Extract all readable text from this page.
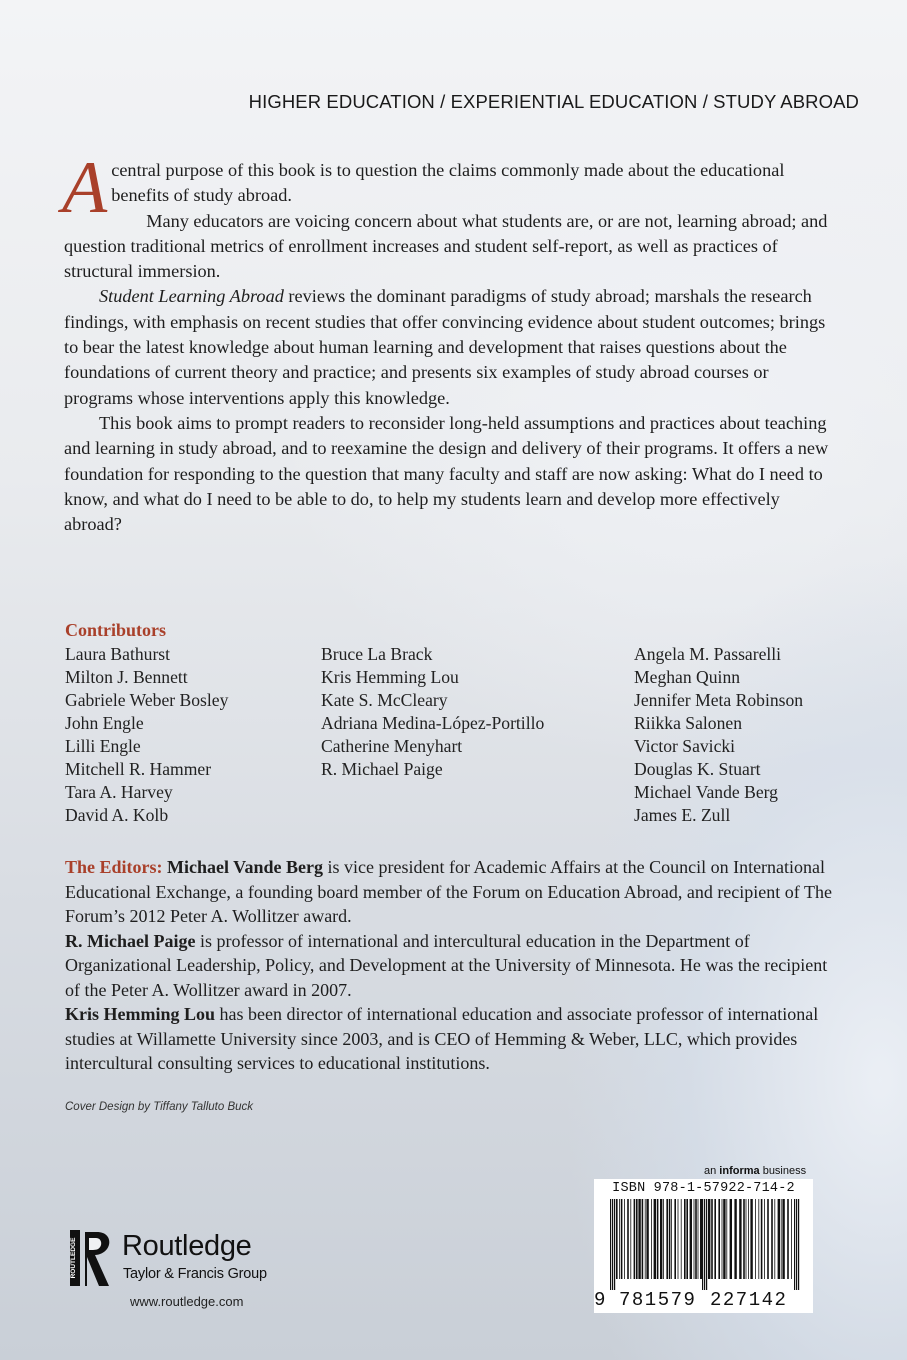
HIGHER EDUCATION / EXPERIENTIAL EDUCATION / STUDY ABROAD

Acentral purpose of this book is to question the claims commonly made about the educational benefits of study abroad.

Many educators are voicing concern about what students are, or are not, learning abroad; and question traditional metrics of enrollment increases and student self-report, as well as practices of structural immersion.

Student Learning Abroad reviews the dominant paradigms of study abroad; marshals the research findings, with emphasis on recent studies that offer convincing evidence about student outcomes; brings to bear the latest knowledge about human learning and development that raises questions about the foundations of current theory and practice; and presents six examples of study abroad courses or programs whose interventions apply this knowledge.

This book aims to prompt readers to reconsider long-held assumptions and practices about teaching and learning in study abroad, and to reexamine the design and delivery of their programs. It offers a new foundation for responding to the question that many faculty and staff are now asking: What do I need to know, and what do I need to be able to do, to help my students learn and develop more effectively abroad?

Contributors
Laura Bathurst
Milton J. Bennett
Gabriele Weber Bosley
John Engle
Lilli Engle
Mitchell R. Hammer
Tara A. Harvey
David A. Kolb
Bruce La Brack
Kris Hemming Lou
Kate S. McCleary
Adriana Medina-López-Portillo
Catherine Menyhart
R. Michael Paige
Angela M. Passarelli
Meghan Quinn
Jennifer Meta Robinson
Riikka Salonen
Victor Savicki
Douglas K. Stuart
Michael Vande Berg
James E. Zull

The Editors: Michael Vande Berg is vice president for Academic Affairs at the Council on International Educational Exchange, a founding board member of the Forum on Education Abroad, and recipient of The Forum’s 2012 Peter A. Wollitzer award.

R. Michael Paige is professor of international and intercultural education in the Department of Organizational Leadership, Policy, and Development at the University of Minnesota. He was the recipient of the Peter A. Wollitzer award in 2007.

Kris Hemming Lou has been director of international education and associate professor of international studies at Willamette University since 2003, and is CEO of Hemming & Weber, LLC, which provides intercultural consulting services to educational institutions.

Cover Design by Tiffany Talluto Buck
ROUTLEDGE Routledge
Taylor & Francis Group
www.routledge.com
an informa business
ISBN 978-1-57922-714-2
9 781579 227142
